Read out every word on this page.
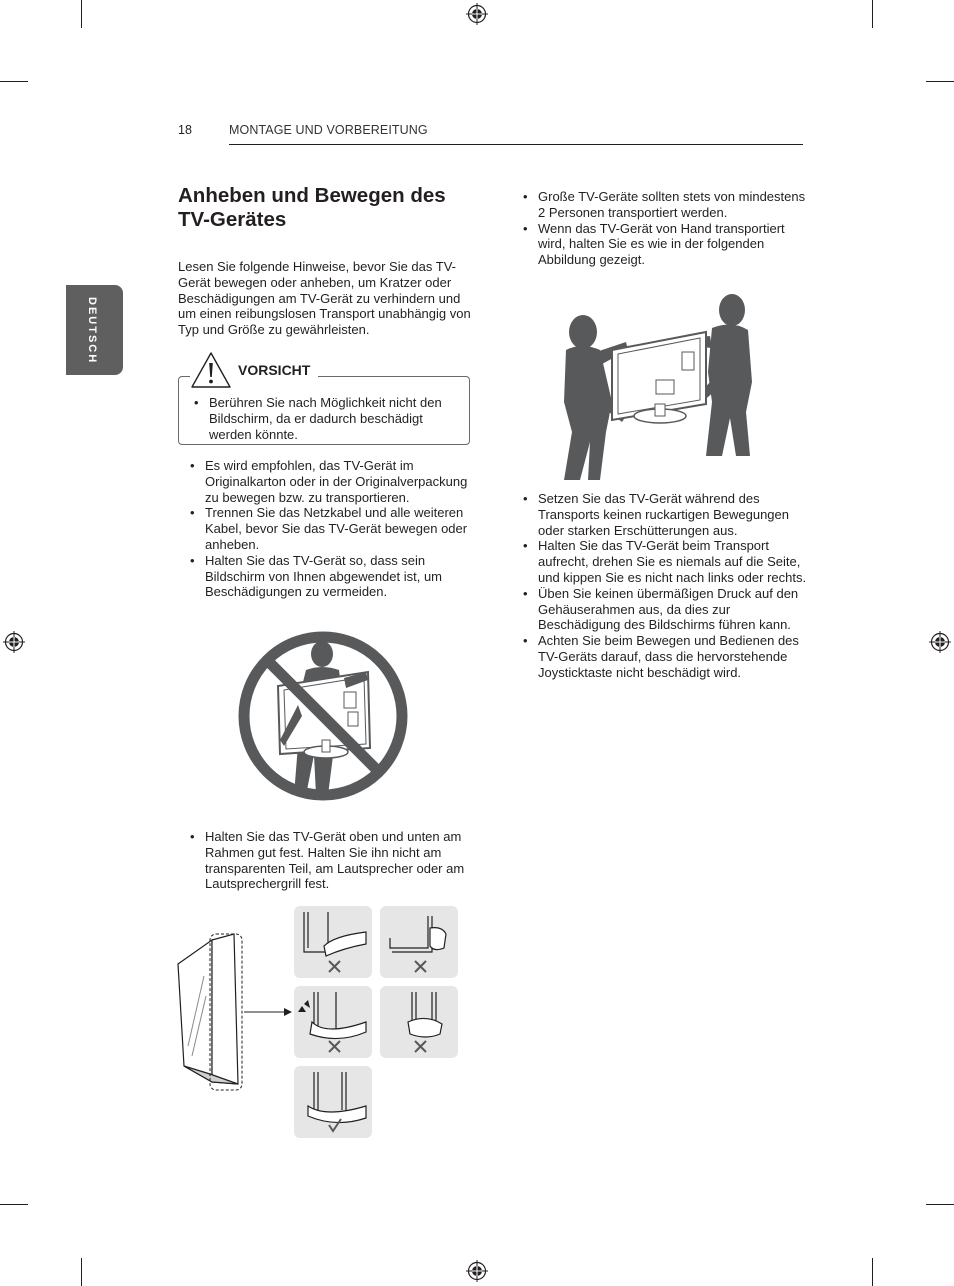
18	MONTAGE UND VORBEREITUNG
DEUTSCH
Anheben und Bewegen des TV-Gerätes
Lesen Sie folgende Hinweise, bevor Sie das TV-Gerät bewegen oder anheben, um Kratzer oder Beschädigungen am TV-Gerät zu verhindern und um einen reibungslosen Transport unabhängig von Typ und Größe zu gewährleisten.
VORSICHT
• Berühren Sie nach Möglichkeit nicht den Bildschirm, da er dadurch beschädigt werden könnte.
• Es wird empfohlen, das TV-Gerät im Originalkarton oder in der Originalverpackung zu bewegen bzw. zu transportieren.
• Trennen Sie das Netzkabel und alle weiteren Kabel, bevor Sie das TV-Gerät bewegen oder anheben.
• Halten Sie das TV-Gerät so, dass sein Bildschirm von Ihnen abgewendet ist, um Beschädigungen zu vermeiden.
• Halten Sie das TV-Gerät oben und unten am Rahmen gut fest. Halten Sie ihn nicht am transparenten Teil, am Lautsprecher oder am Lautsprechergrill fest.
• Große TV-Geräte sollten stets von mindestens 2 Personen transportiert werden.
• Wenn das TV-Gerät von Hand transportiert wird, halten Sie es wie in der folgenden Abbildung gezeigt.
• Setzen Sie das TV-Gerät während des Transports keinen ruckartigen Bewegungen oder starken Erschütterungen aus.
• Halten Sie das TV-Gerät beim Transport aufrecht, drehen Sie es niemals auf die Seite, und kippen Sie es nicht nach links oder rechts.
• Üben Sie keinen übermäßigen Druck auf den Gehäuserahmen aus, da dies zur Beschädigung des Bildschirms führen kann.
• Achten Sie beim Bewegen und Bedienen des TV-Geräts darauf, dass die hervorstehende Joysticktaste nicht beschädigt wird.
